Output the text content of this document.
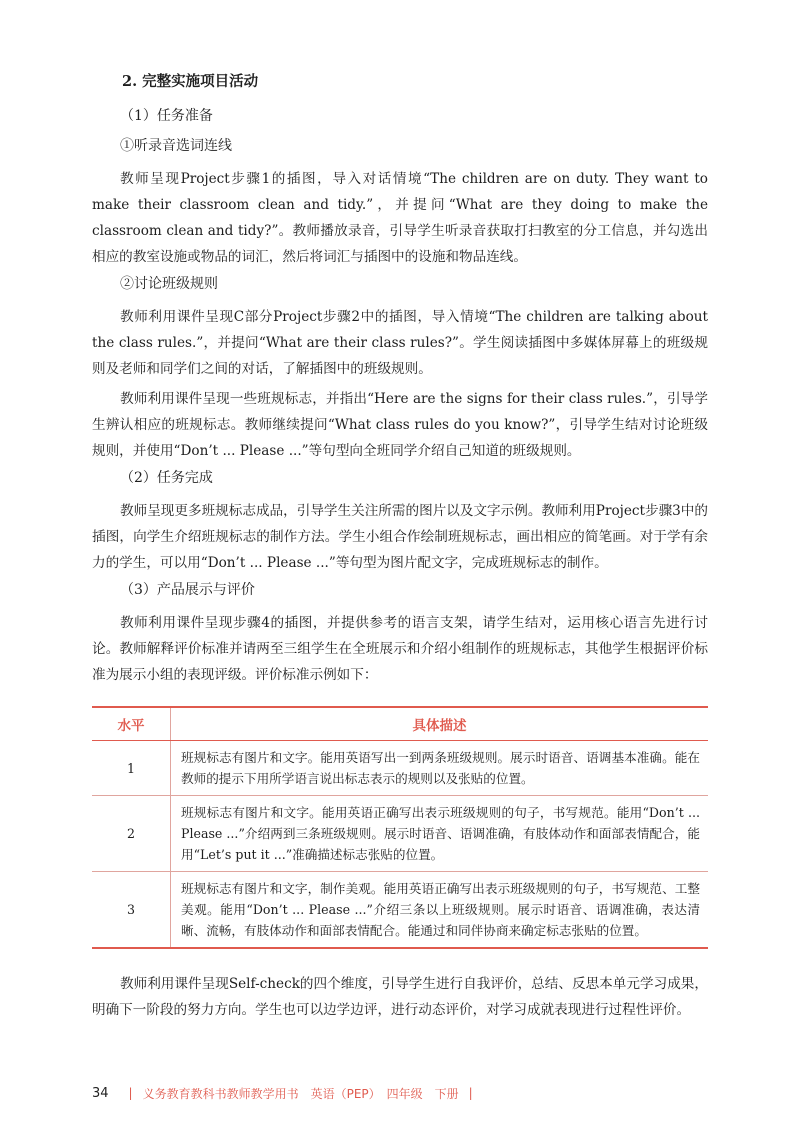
2. 完整实施项目活动
（1）任务准备
①听录音选词连线

教师呈现Project步骤1的插图，导入对话情境“The children are on duty. They want to make their classroom clean and tidy.”，并提问“What are they doing to make the classroom clean and tidy?”。教师播放录音，引导学生听录音获取打扫教室的分工信息，并勾选出相应的教室设施或物品的词汇，然后将词汇与插图中的设施和物品连线。

②讨论班级规则

教师利用课件呈现C部分Project步骤2中的插图，导入情境“The children are talking about the class rules.”，并提问“What are their class rules?”。学生阅读插图中多媒体屏幕上的班级规则及老师和同学们之间的对话，了解插图中的班级规则。

教师利用课件呈现一些班规标志，并指出“Here are the signs for their class rules.”，引导学生辨认相应的班规标志。教师继续提问“What class rules do you know?”，引导学生结对讨论班级规则，并使用“Don’t ... Please ...”等句型向全班同学介绍自己知道的班级规则。

（2）任务完成

教师呈现更多班规标志成品，引导学生关注所需的图片以及文字示例。教师利用Project步骤3中的插图，向学生介绍班规标志的制作方法。学生小组合作绘制班规标志，画出相应的简笔画。对于学有余力的学生，可以用“Don’t ... Please ...”等句型为图片配文字，完成班规标志的制作。

（3）产品展示与评价

教师利用课件呈现步骤4的插图，并提供参考的语言支架，请学生结对，运用核心语言先进行讨论。教师解释评价标准并请两至三组学生在全班展示和介绍小组制作的班规标志，其他学生根据评价标准为展示小组的表现评级。评价标准示例如下：

水平	具体描述
1	班规标志有图片和文字。能用英语写出一到两条班级规则。展示时语音、语调基本准确。能在教师的提示下用所学语言说出标志表示的规则以及张贴的位置。
2	班规标志有图片和文字。能用英语正确写出表示班级规则的句子，书写规范。能用“Don’t ... Please ...”介绍两到三条班级规则。展示时语音、语调准确，有肢体动作和面部表情配合，能用“Let’s put it ...”准确描述标志张贴的位置。
3	班规标志有图片和文字，制作美观。能用英语正确写出表示班级规则的句子，书写规范、工整美观。能用“Don’t ... Please ...”介绍三条以上班级规则。展示时语音、语调准确，表达清晰、流畅，有肢体动作和面部表情配合。能通过和同伴协商来确定标志张贴的位置。

教师利用课件呈现Self-check的四个维度，引导学生进行自我评价，总结、反思本单元学习成果，明确下一阶段的努力方向。学生也可以边学边评，进行动态评价，对学习成就表现进行过程性评价。

34 | 义务教育教科书教师教学用书　英语（PEP）　四年级　下册 |
